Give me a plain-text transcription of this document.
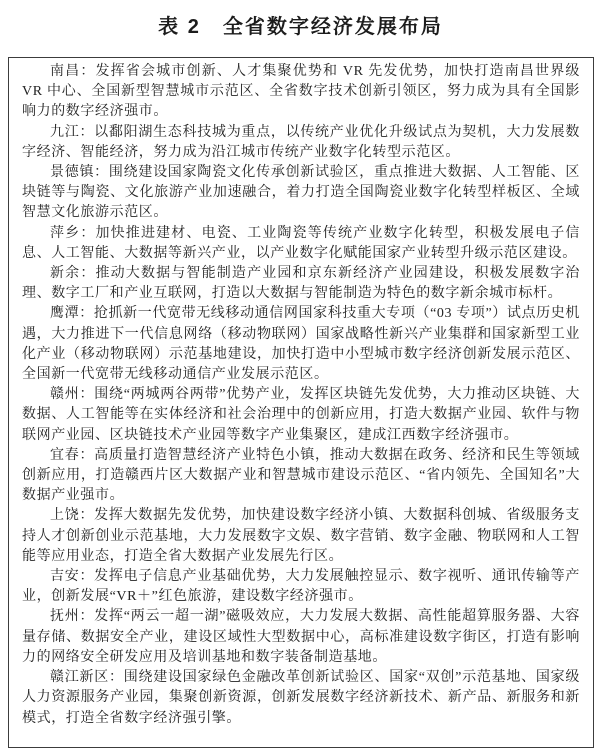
表 2　全省数字经济发展布局

南昌：发挥省会城市创新、人才集聚优势和 VR 先发优势，加快打造南昌世界级 VR 中心、全国新型智慧城市示范区、全省数字技术创新引领区，努力成为具有全国影响力的数字经济强市。

九江：以鄱阳湖生态科技城为重点，以传统产业优化升级试点为契机，大力发展数字经济、智能经济，努力成为沿江城市传统产业数字化转型示范区。

景德镇：围绕建设国家陶瓷文化传承创新试验区，重点推进大数据、人工智能、区块链等与陶瓷、文化旅游产业加速融合，着力打造全国陶瓷业数字化转型样板区、全域智慧文化旅游示范区。

萍乡：加快推进建材、电瓷、工业陶瓷等传统产业数字化转型，积极发展电子信息、人工智能、大数据等新兴产业，以产业数字化赋能国家产业转型升级示范区建设。

新余：推动大数据与智能制造产业园和京东新经济产业园建设，积极发展数字治理、数字工厂和产业互联网，打造以大数据与智能制造为特色的数字新余城市标杆。

鹰潭：抢抓新一代宽带无线移动通信网国家科技重大专项（“03 专项”）试点历史机遇，大力推进下一代信息网络（移动物联网）国家战略性新兴产业集群和国家新型工业化产业（移动物联网）示范基地建设，加快打造中小型城市数字经济创新发展示范区、全国新一代宽带无线移动通信产业发展示范区。

赣州：围绕“两城两谷两带”优势产业，发挥区块链先发优势，大力推动区块链、大数据、人工智能等在实体经济和社会治理中的创新应用，打造大数据产业园、软件与物联网产业园、区块链技术产业园等数字产业集聚区，建成江西数字经济强市。

宜春：高质量打造智慧经济产业特色小镇，推动大数据在政务、经济和民生等领域创新应用，打造赣西片区大数据产业和智慧城市建设示范区、“省内领先、全国知名”大数据产业强市。

上饶：发挥大数据先发优势，加快建设数字经济小镇、大数据科创城、省级服务支持人才创新创业示范基地，大力发展数字文娱、数字营销、数字金融、物联网和人工智能等应用业态，打造全省大数据产业发展先行区。

吉安：发挥电子信息产业基础优势，大力发展触控显示、数字视听、通讯传输等产业，创新发展“VR＋”红色旅游，建设数字经济强市。

抚州：发挥“两云一超一湖”磁吸效应，大力发展大数据、高性能超算服务器、大容量存储、数据安全产业，建设区域性大型数据中心，高标准建设数字街区，打造有影响力的网络安全研发应用及培训基地和数字装备制造基地。

赣江新区：围绕建设国家绿色金融改革创新试验区、国家“双创”示范基地、国家级人力资源服务产业园，集聚创新资源，创新发展数字经济新技术、新产品、新服务和新模式，打造全省数字经济强引擎。
